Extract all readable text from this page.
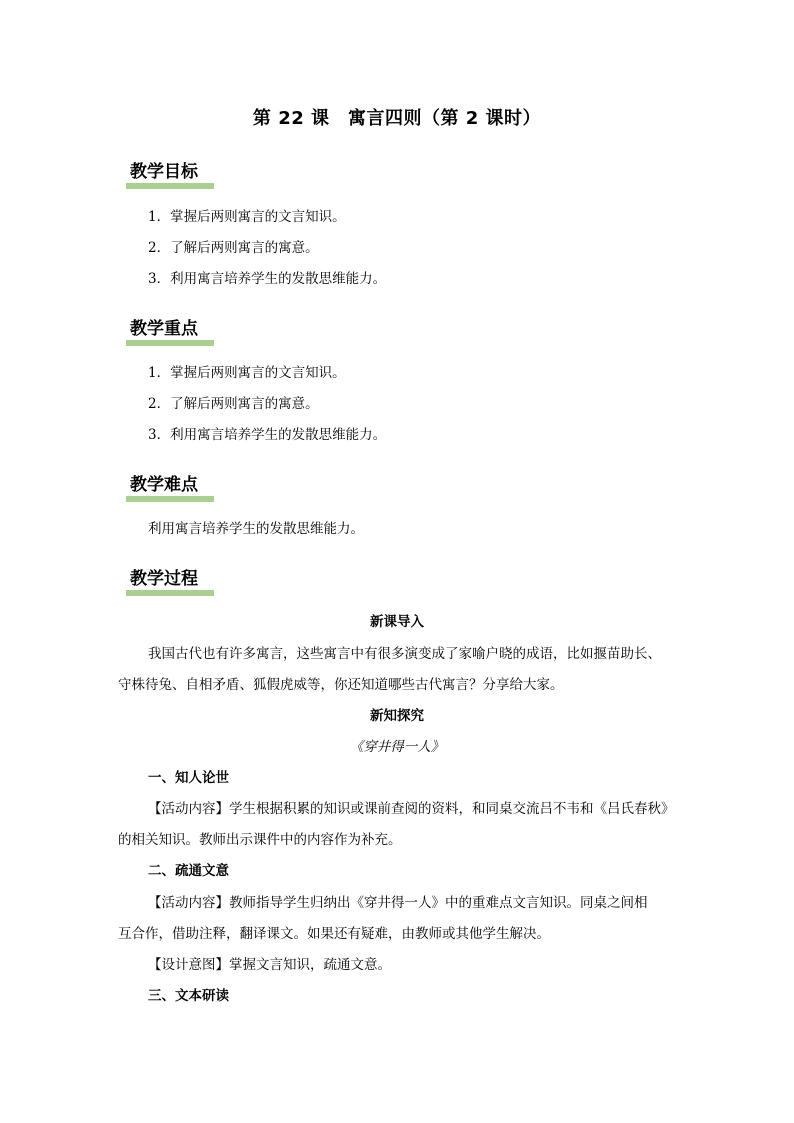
第 22 课　寓言四则（第 2 课时）
教学目标
1．掌握后两则寓言的文言知识。
2．了解后两则寓言的寓意。
3．利用寓言培养学生的发散思维能力。
教学重点
1．掌握后两则寓言的文言知识。
2．了解后两则寓言的寓意。
3．利用寓言培养学生的发散思维能力。
教学难点
利用寓言培养学生的发散思维能力。
教学过程
新课导入
我国古代也有许多寓言，这些寓言中有很多演变成了家喻户晓的成语，比如揠苗助长、
守株待兔、自相矛盾、狐假虎威等，你还知道哪些古代寓言？分享给大家。
新知探究
《穿井得一人》
一、知人论世
【活动内容】学生根据积累的知识或课前查阅的资料，和同桌交流吕不韦和《吕氏春秋》
的相关知识。教师出示课件中的内容作为补充。
二、疏通文意
【活动内容】教师指导学生归纳出《穿井得一人》中的重难点文言知识。同桌之间相
互合作，借助注释，翻译课文。如果还有疑难，由教师或其他学生解决。
【设计意图】掌握文言知识，疏通文意。
三、文本研读
